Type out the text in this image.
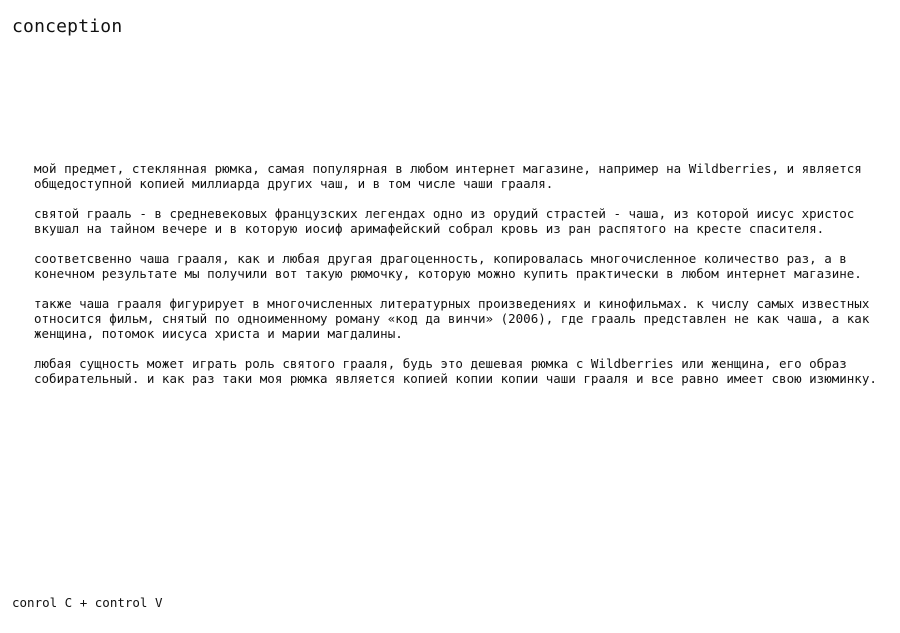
conception

мой предмет, стеклянная рюмка, самая популярная в любом интернет магазине, например на Wildberries, и является общедоступной копией миллиарда других чаш, и в том числе чаши грааля.

святой грааль - в средневековых французских легендах одно из орудий страстей - чаша, из которой иисус христос вкушал на тайном вечере и в которую иосиф аримафейский собрал кровь из ран распятого на кресте спасителя.

соответсвенно чаша грааля, как и любая другая драгоценность, копировалась многочисленное количество раз, а в конечном результате мы получили вот такую рюмочку, которую можно купить практически в любом интернет магазине.

также чаша грааля фигурирует в многочисленных литературных произведениях и кинофильмах. к числу самых известных относится фильм, снятый по одноименному роману «код да винчи» (2006), где грааль представлен не как чаша, а как женщина, потомок иисуса христа и марии магдалины.

любая сущность может играть роль святого грааля, будь это дешевая рюмка с Wildberries или женщина, его образ собирательный. и как раз таки моя рюмка является копией копии копии чаши грааля и все равно имеет свою изюминку.

conrol C + control V
